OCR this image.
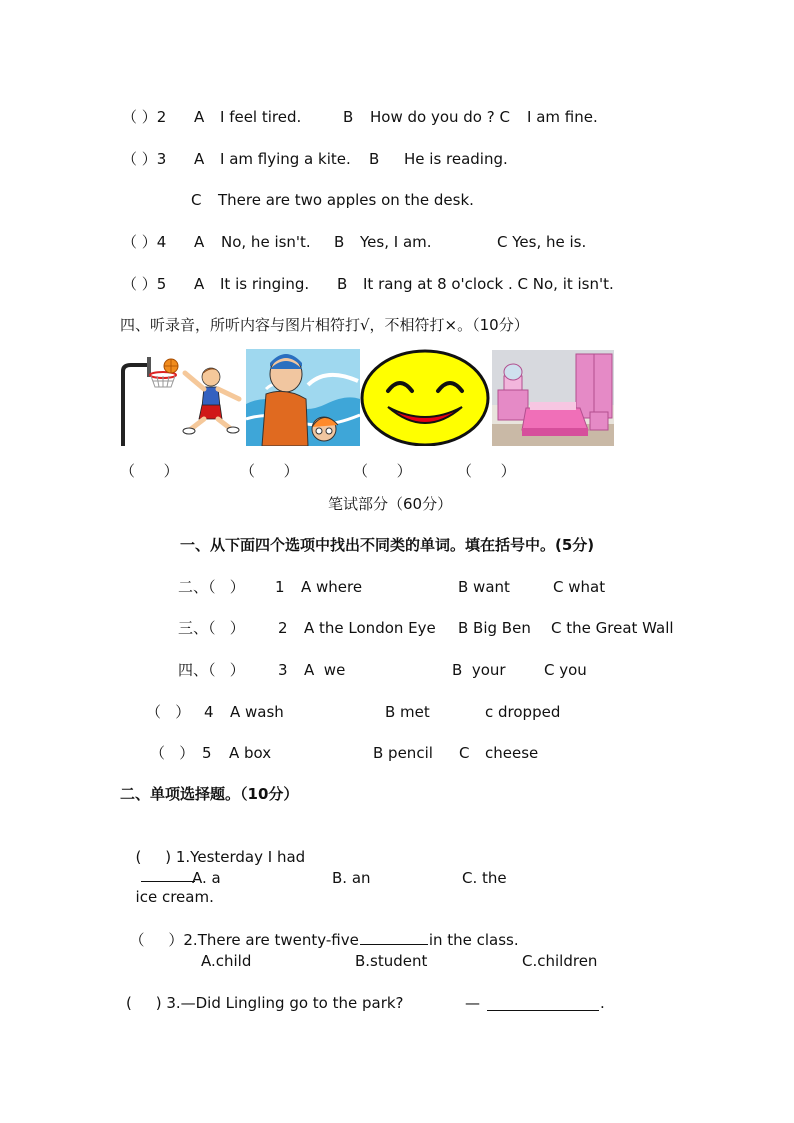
（ ）2 A I feel tired.	B How do you do ? C I am fine.
（ ）3 A I am flying a kite. B He is reading.
C There are two apples on the desk.
（ ）4 A No, he isn't. B Yes, I am.	C Yes, he is.
（ ）5 A It is ringing. B It rang at 8 o'clock . C No, it isn't.
四、听录音，所听内容与图片相符打√，不相符打×。（10分）
（      ）	（      ）	（      ）	（      ）
笔试部分（60分）
一、从下面四个选项中找出不同类的单词。填在括号中。(5分)
二、（   ） 1 A where	B want	C what
三、（   ） 2 A the London Eye B Big Ben C the Great Wall
四、（   ） 3 A  we	B  your	C you
（   ） 4 A wash	B met	c dropped
（   ） 5 A box	B pencil C cheese
二、单项选择题。（10分）

(     ) 1.Yesterday I had

ice cream.

A. a	B. an	C. the

（     ）2.There are twenty-five	in the class.

A.child	B.student	C.children
(     ) 3.—Did Lingling go to the park?	—	.
